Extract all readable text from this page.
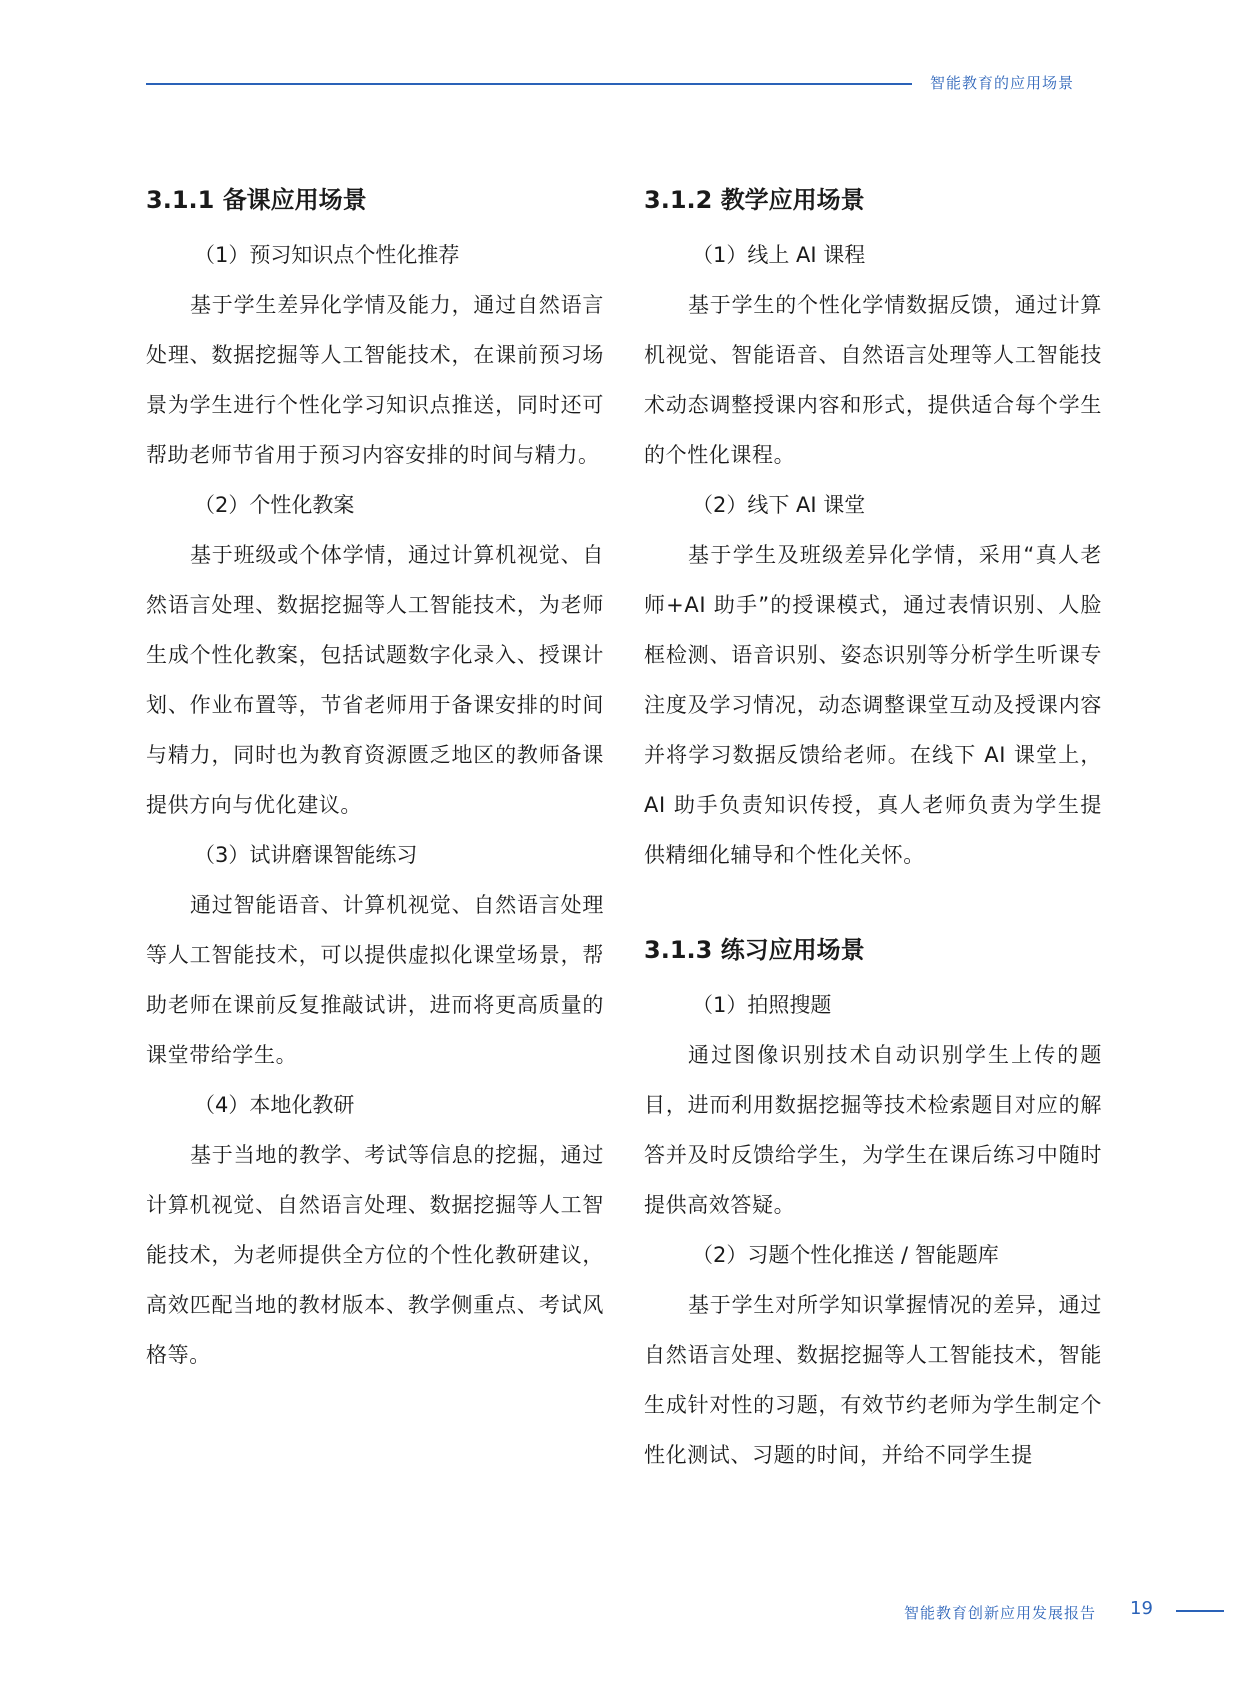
智能教育的应用场景
3.1.1 备课应用场景

（1）预习知识点个性化推荐

基于学生差异化学情及能力，通过自然语言处理、数据挖掘等人工智能技术，在课前预习场景为学生进行个性化学习知识点推送，同时还可帮助老师节省用于预习内容安排的时间与精力。

（2）个性化教案

基于班级或个体学情，通过计算机视觉、自然语言处理、数据挖掘等人工智能技术，为老师生成个性化教案，包括试题数字化录入、授课计划、作业布置等，节省老师用于备课安排的时间与精力，同时也为教育资源匮乏地区的教师备课提供方向与优化建议。

（3）试讲磨课智能练习

通过智能语音、计算机视觉、自然语言处理等人工智能技术，可以提供虚拟化课堂场景，帮助老师在课前反复推敲试讲，进而将更高质量的课堂带给学生。

（4）本地化教研

基于当地的教学、考试等信息的挖掘，通过计算机视觉、自然语言处理、数据挖掘等人工智能技术，为老师提供全方位的个性化教研建议，高效匹配当地的教材版本、教学侧重点、考试风格等。

3.1.2 教学应用场景

（1）线上 AI 课程

基于学生的个性化学情数据反馈，通过计算机视觉、智能语音、自然语言处理等人工智能技术动态调整授课内容和形式，提供适合每个学生的个性化课程。

（2）线下 AI 课堂

基于学生及班级差异化学情，采用“真人老师+AI 助手”的授课模式，通过表情识别、人脸框检测、语音识别、姿态识别等分析学生听课专注度及学习情况，动态调整课堂互动及授课内容并将学习数据反馈给老师。在线下 AI 课堂上，AI 助手负责知识传授，真人老师负责为学生提供精细化辅导和个性化关怀。

3.1.3 练习应用场景

（1）拍照搜题

通过图像识别技术自动识别学生上传的题目，进而利用数据挖掘等技术检索题目对应的解答并及时反馈给学生，为学生在课后练习中随时提供高效答疑。

（2）习题个性化推送 / 智能题库

基于学生对所学知识掌握情况的差异，通过自然语言处理、数据挖掘等人工智能技术，智能生成针对性的习题，有效节约老师为学生制定个性化测试、习题的时间，并给不同学生提

智能教育创新应用发展报告	19
